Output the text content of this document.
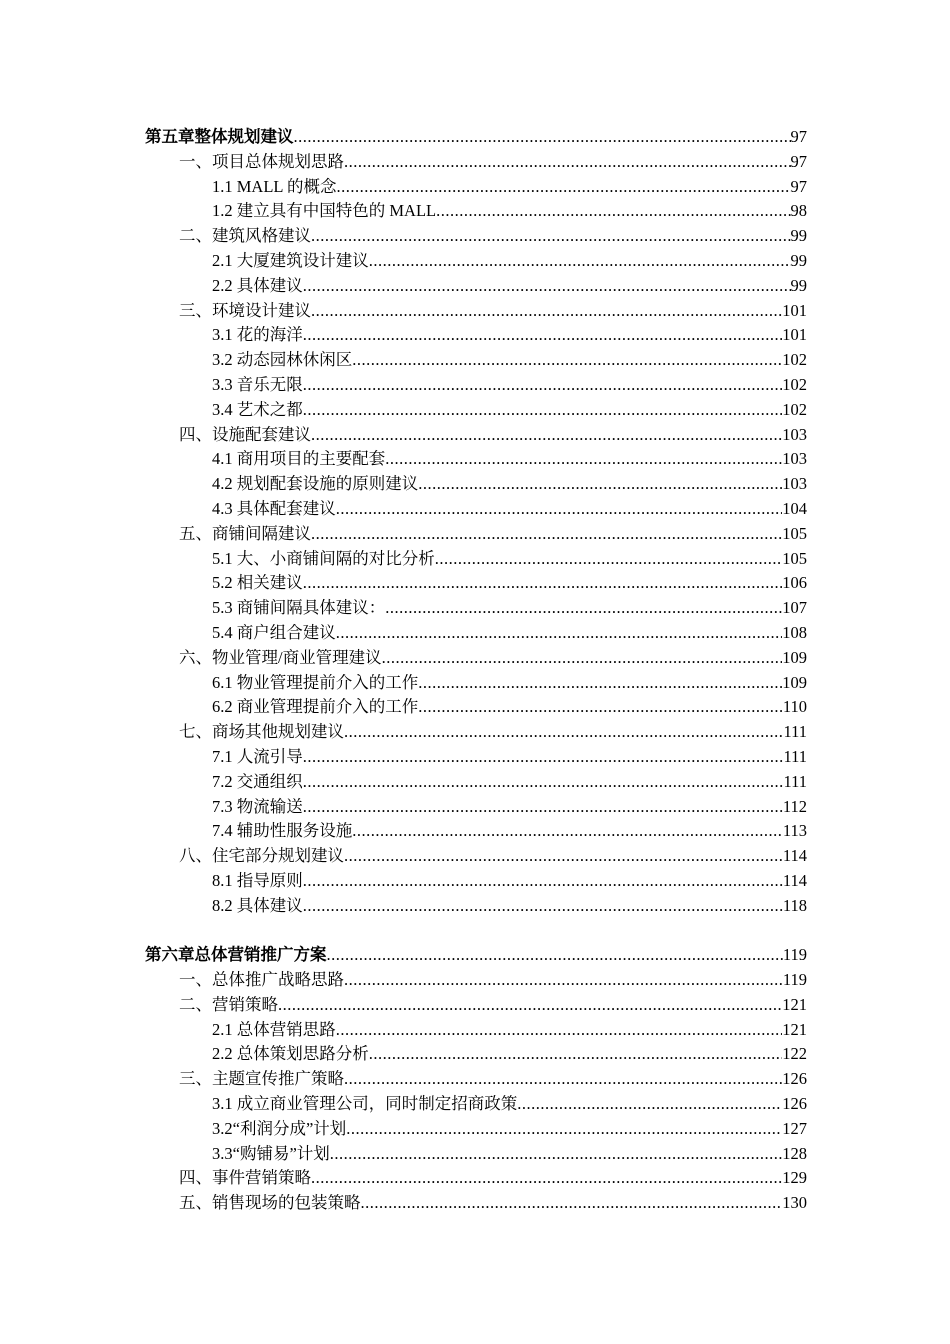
第五章整体规划建议 .....	97
一、项目总体规划思路 .....	97
1.1 MALL 的概念 .....	97
1.2 建立具有中国特色的 MALL .....	98
二、建筑风格建议 .....	99
2.1 大厦建筑设计建议 .....	99
2.2 具体建议 .....	99
三、环境设计建议 .....	101
3.1 花的海洋 .....	101
3.2 动态园林休闲区 .....	102
3.3 音乐无限 .....	102
3.4 艺术之都 .....	102
四、设施配套建议 .....	103
4.1 商用项目的主要配套 .....	103
4.2 规划配套设施的原则建议 .....	103
4.3 具体配套建议 .....	104
五、商铺间隔建议 .....	105
5.1 大、小商铺间隔的对比分析 .....	105
5.2 相关建议 .....	106
5.3 商铺间隔具体建议： .....	107
5.4 商户组合建议 .....	108
六、物业管理/商业管理建议 .....	109
6.1 物业管理提前介入的工作 .....	109
6.2 商业管理提前介入的工作 .....	110
七、商场其他规划建议 .....	111
7.1 人流引导 .....	111
7.2 交通组织 .....	111
7.3 物流输送 .....	112
7.4 辅助性服务设施 .....	113
八、住宅部分规划建议 .....	114
8.1 指导原则 .....	114
8.2 具体建议 .....	118
第六章总体营销推广方案 .....	119
一、总体推广战略思路 .....	119
二、营销策略 .....	121
2.1 总体营销思路 .....	121
2.2 总体策划思路分析 .....	122
三、主题宣传推广策略 .....	126
3.1 成立商业管理公司，同时制定招商政策 .....	126
3.2“利润分成”计划 .....	127
3.3“购铺易”计划 .....	128
四、事件营销策略 .....	129
五、销售现场的包装策略 .....	130
